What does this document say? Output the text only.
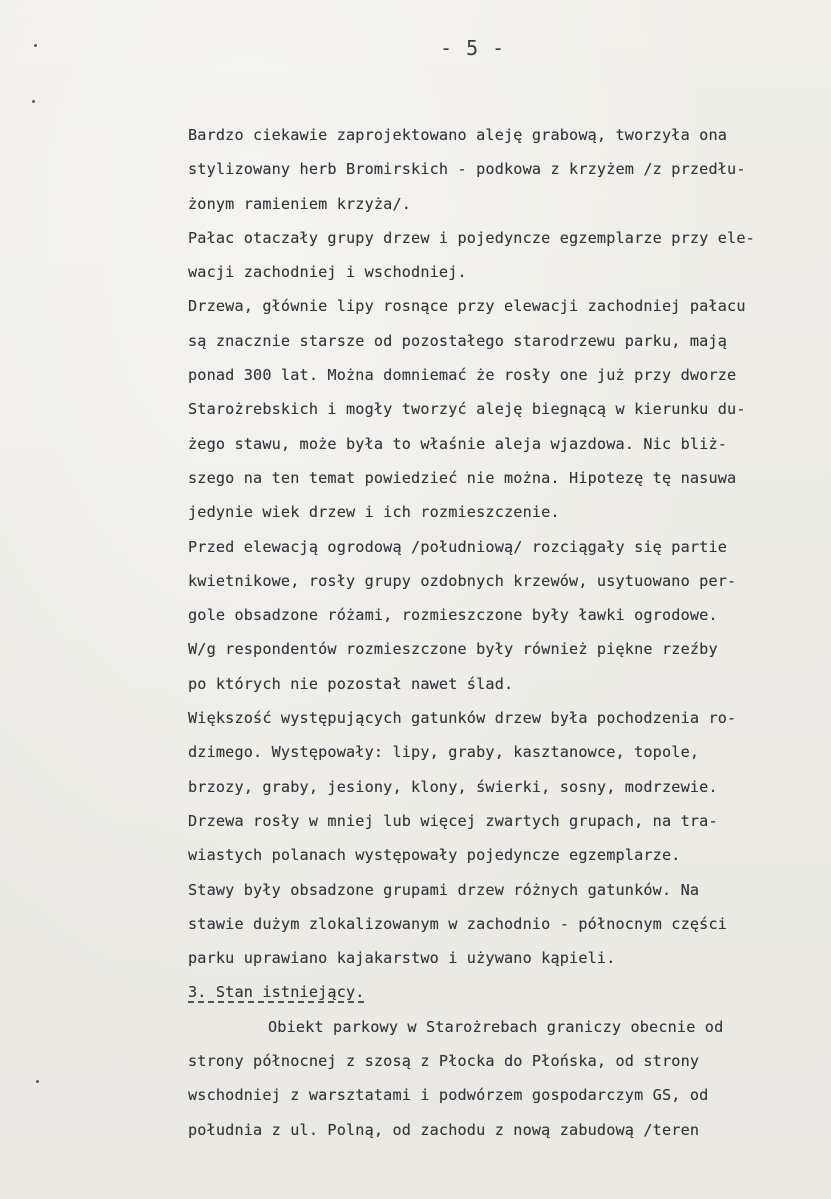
- 5 -
Bardzo ciekawie zaprojektowano aleję grabową, tworzyła ona
stylizowany herb Bromirskich - podkowa z krzyżem /z przedłu-
żonym ramieniem krzyża/.
Pałac otaczały grupy drzew i pojedyncze egzemplarze przy ele-
wacji zachodniej i wschodniej.
Drzewa, głównie lipy rosnące przy elewacji zachodniej pałacu
są znacznie starsze od pozostałego starodrzewu parku, mają
ponad 300 lat. Można domniemać że rosły one już przy dworze
Starożrebskich i mogły tworzyć aleję biegnącą w kierunku du-
żego stawu, może była to właśnie aleja wjazdowa. Nic bliż-
szego na ten temat powiedzieć nie można. Hipotezę tę nasuwa
jedynie wiek drzew i ich rozmieszczenie.
Przed elewacją ogrodową /południową/ rozciągały się partie
kwietnikowe, rosły grupy ozdobnych krzewów, usytuowano per-
gole obsadzone różami, rozmieszczone były ławki ogrodowe.
W/g respondentów rozmieszczone były również piękne rzeźby
po których nie pozostał nawet ślad.
Większość występujących gatunków drzew była pochodzenia ro-
dzimego. Występowały: lipy, graby, kasztanowce, topole,
brzozy, graby, jesiony, klony, świerki, sosny, modrzewie.
Drzewa rosły w mniej lub więcej zwartych grupach, na tra-
wiastych polanach występowały pojedyncze egzemplarze.
Stawy były obsadzone grupami drzew różnych gatunków. Na
stawie dużym zlokalizowanym w zachodnio - północnym części
parku uprawiano kajakarstwo i używano kąpieli.
3. Stan istniejący.
Obiekt parkowy w Starożrebach graniczy obecnie od
strony północnej z szosą z Płocka do Płońska, od strony
wschodniej z warsztatami i podwórzem gospodarczym GS, od
południa z ul. Polną, od zachodu z nową zabudową /teren
